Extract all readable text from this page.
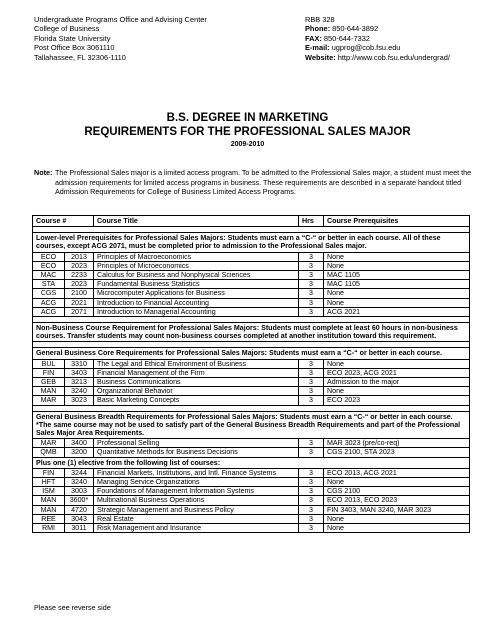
Undergraduate Programs Office and Advising Center
College of Business
Florida State University
Post Office Box 3061110
Tallahassee, FL 32306-1110
RBB 328
Phone: 850-644-3892
FAX: 850-644-7332
E-mail: ugprog@cob.fsu.edu
Website: http://www.cob.fsu.edu/undergrad/
B.S. DEGREE IN MARKETING
REQUIREMENTS FOR THE PROFESSIONAL SALES MAJOR
2009-2010
Note: The Professional Sales major is a limited access program. To be admitted to the Professional Sales major, a student must meet the admission requirements for limited access programs in business. These requirements are described in a separate handout titled Admission Requirements for College of Business Limited Access Programs.
Course #		Course Title	Hrs	Course Prerequisites

Lower-level Prerequisites for Professional Sales Majors: Students must earn a “C-“ or better in each course. All of these courses, except ACG 2071, must be completed prior to admission to the Professional Sales major.				
ECO	2013	Principles of Macroeconomics	3	None
ECO	2023	Principles of Microeconomics	3	None
MAC	2233	Calculus for Business and Nonphysical Sciences	3	MAC 1105
STA	2023	Fundamental Business Statistics	3	MAC 1105
CGS	2100	Microcomputer Applications for Business	3	None
ACG	2021	Introduction to Financial Accounting	3	None
ACG	2071	Introduction to Managerial Accounting	3	ACG 2021

Non-Business Course Requirement for Professional Sales Majors: Students must complete at least 60 hours in non-business courses. Transfer students may count non-business courses completed at another institution toward this requirement.				

General Business Core Requirements for Professional Sales Majors: Students must earn a “C-“ or better in each course.				
BUL	3310	The Legal and Ethical Environment of Business	3	None
FIN	3403	Financial Management of the Firm	3	ECO 2023, ACG 2021
GEB	3213	Business Communications	3	Admission to the major
MAN	3240	Organizational Behavior	3	None
MAR	3023	Basic Marketing Concepts	3	ECO 2023

General Business Breadth Requirements for Professional Sales Majors: Students must earn a “C-“ or better in each course. *The same course may not be used to satisfy part of the General Business Breadth Requirements and part of the Professional Sales Major Area Requirements.				
MAR	3400	Professional Selling	3	MAR 3023 (pre/co-req)
QMB	3200	Quantitative Methods for Business Decisions	3	CGS 2100, STA 2023
Plus one (1) elective from the following list of courses:				
FIN	3244	Financial Markets, Institutions, and Intl. Finance Systems	3	ECO 2013, ACG 2021
HFT	3240	Managing Service Organizations	3	None
ISM	3003	Foundations of Management Information Systems	3	CGS 2100
MAN	3600*	Multinational Business Operations	3	ECO 2013, ECO 2023
MAN	4720	Strategic Management and Business Policy	3	FIN 3403, MAN 3240, MAR 3023
REE	3043	Real Estate	3	None
RMI	3011	Risk Management and Insurance	3	None
Please see reverse side
